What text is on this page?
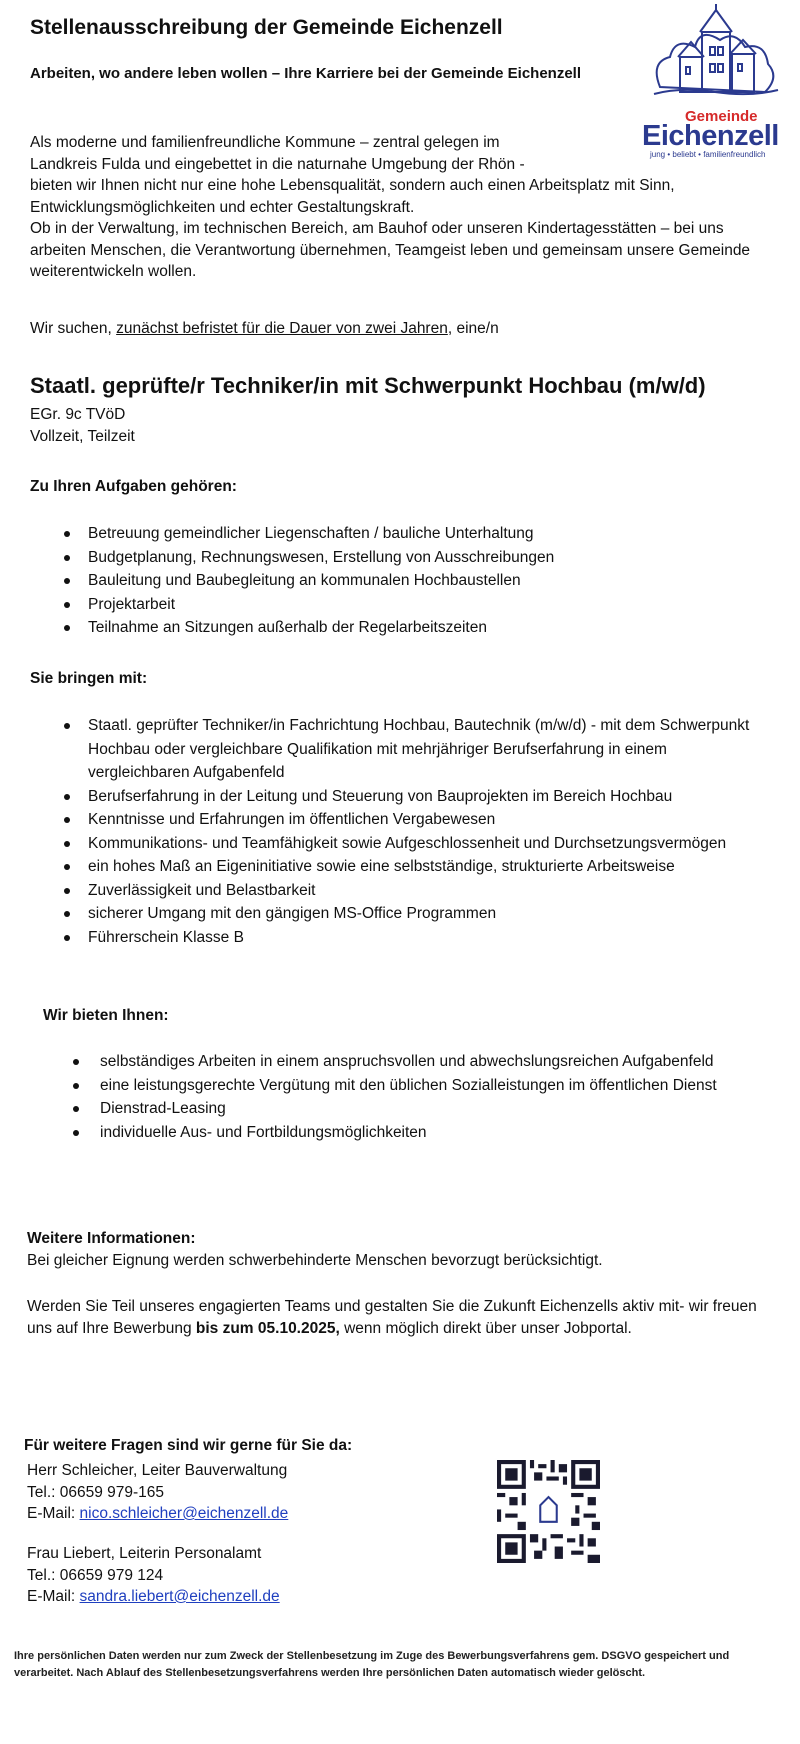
Stellenausschreibung der Gemeinde Eichenzell
Arbeiten, wo andere leben wollen – Ihre Karriere bei der Gemeinde Eichenzell
Gemeinde
Eichenzell
jung • beliebt • familienfreundlich

Als moderne und familienfreundliche Kommune – zentral gelegen im
Landkreis Fulda und eingebettet in die naturnahe Umgebung der Rhön -
bieten wir Ihnen nicht nur eine hohe Lebensqualität, sondern auch einen Arbeitsplatz mit Sinn,
Entwicklungsmöglichkeiten und echter Gestaltungskraft.

Ob in der Verwaltung, im technischen Bereich, am Bauhof oder unseren Kindertagesstätten – bei uns arbeiten Menschen, die Verantwortung übernehmen, Teamgeist leben und gemeinsam unsere Gemeinde weiterentwickeln wollen.

Wir suchen, zunächst befristet für die Dauer von zwei Jahren, eine/n
Staatl. geprüfte/r Techniker/in mit Schwerpunkt Hochbau (m/w/d)
EGr. 9c TVöD
Vollzeit, Teilzeit
Zu Ihren Aufgaben gehören:
Betreuung gemeindlicher Liegenschaften / bauliche Unterhaltung
Budgetplanung, Rechnungswesen, Erstellung von Ausschreibungen
Bauleitung und Baubegleitung an kommunalen Hochbaustellen
Projektarbeit
Teilnahme an Sitzungen außerhalb der Regelarbeitszeiten
Sie bringen mit:
Staatl. geprüfter Techniker/in Fachrichtung Hochbau, Bautechnik (m/w/d) - mit dem Schwerpunkt Hochbau oder vergleichbare Qualifikation mit mehrjähriger Berufserfahrung in einem vergleichbaren Aufgabenfeld
Berufserfahrung in der Leitung und Steuerung von Bauprojekten im Bereich Hochbau
Kenntnisse und Erfahrungen im öffentlichen Vergabewesen
Kommunikations- und Teamfähigkeit sowie Aufgeschlossenheit und Durchsetzungsvermögen
ein hohes Maß an Eigeninitiative sowie eine selbstständige, strukturierte Arbeitsweise
Zuverlässigkeit und Belastbarkeit
sicherer Umgang mit den gängigen MS-Office Programmen
Führerschein Klasse B
Wir bieten Ihnen:
selbständiges Arbeiten in einem anspruchsvollen und abwechslungsreichen Aufgabenfeld
eine leistungsgerechte Vergütung mit den üblichen Sozialleistungen im öffentlichen Dienst
Dienstrad-Leasing
individuelle Aus- und Fortbildungsmöglichkeiten
Weitere Informationen:
Bei gleicher Eignung werden schwerbehinderte Menschen bevorzugt berücksichtigt.
Werden Sie Teil unseres engagierten Teams und gestalten Sie die Zukunft Eichenzells aktiv mit- wir freuen uns auf Ihre Bewerbung bis zum 05.10.2025, wenn möglich direkt über unser Jobportal.
Für weitere Fragen sind wir gerne für Sie da:
Herr Schleicher, Leiter Bauverwaltung
Tel.: 06659 979-165
E-Mail: nico.schleicher@eichenzell.de
Frau Liebert, Leiterin Personalamt
Tel.: 06659 979 124
E-Mail: sandra.liebert@eichenzell.de
Ihre persönlichen Daten werden nur zum Zweck der Stellenbesetzung im Zuge des Bewerbungsverfahrens gem. DSGVO gespeichert und verarbeitet. Nach Ablauf des Stellenbesetzungsverfahrens werden Ihre persönlichen Daten automatisch wieder gelöscht.
